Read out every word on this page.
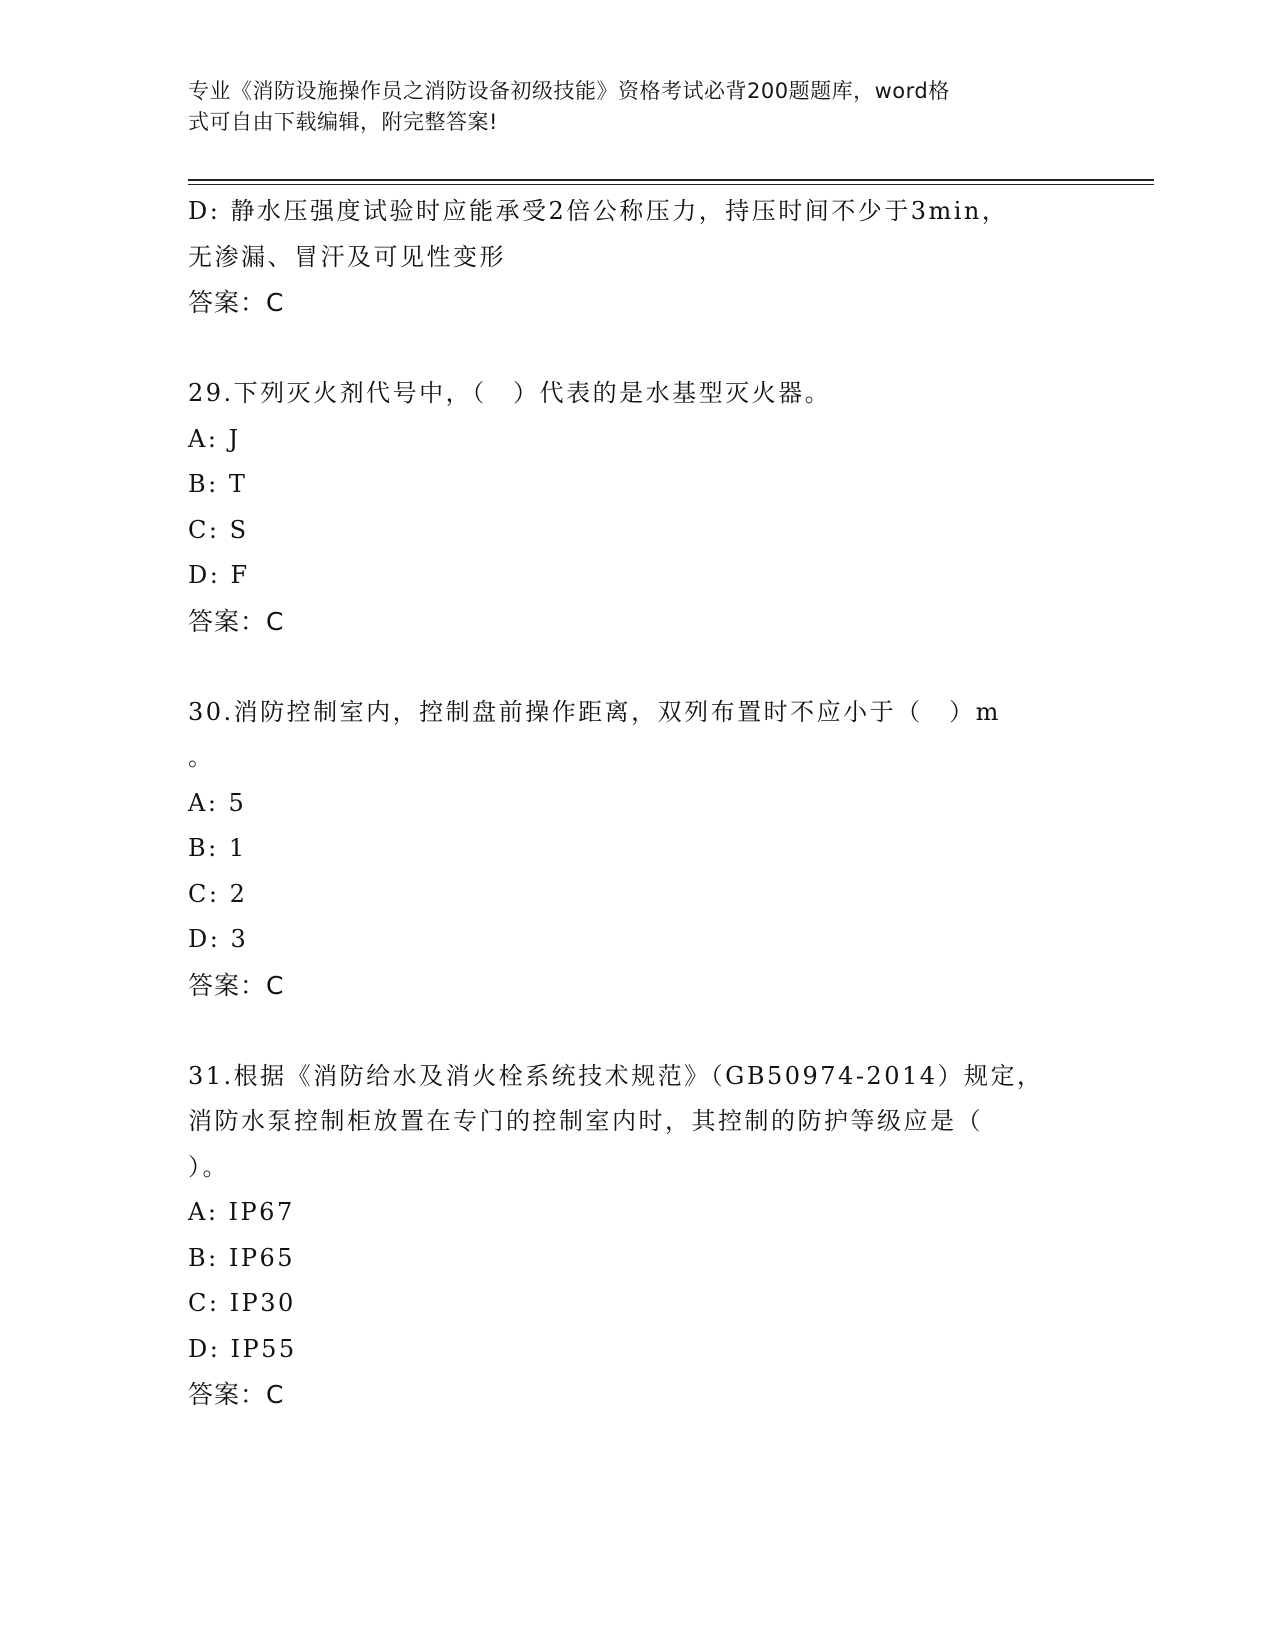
专业《消防设施操作员之消防设备初级技能》资格考试必背200题题库，word格
式可自由下载编辑，附完整答案!

D: 静水压强度试验时应能承受2倍公称压力，持压时间不少于3min，

无渗漏、冒汗及可见性变形

答案：C

29.下列灭火剂代号中，（　）代表的是水基型灭火器。

A: J

B: T

C: S

D: F

答案：C

30.消防控制室内，控制盘前操作距离，双列布置时不应小于（　）m

。

A: 5

B: 1

C: 2

D: 3

答案：C

31.根据《消防给水及消火栓系统技术规范》（GB50974-2014）规定，

消防水泵控制柜放置在专门的控制室内时，其控制的防护等级应是（

）。

A: IP67

B: IP65

C: IP30

D: IP55

答案：C
